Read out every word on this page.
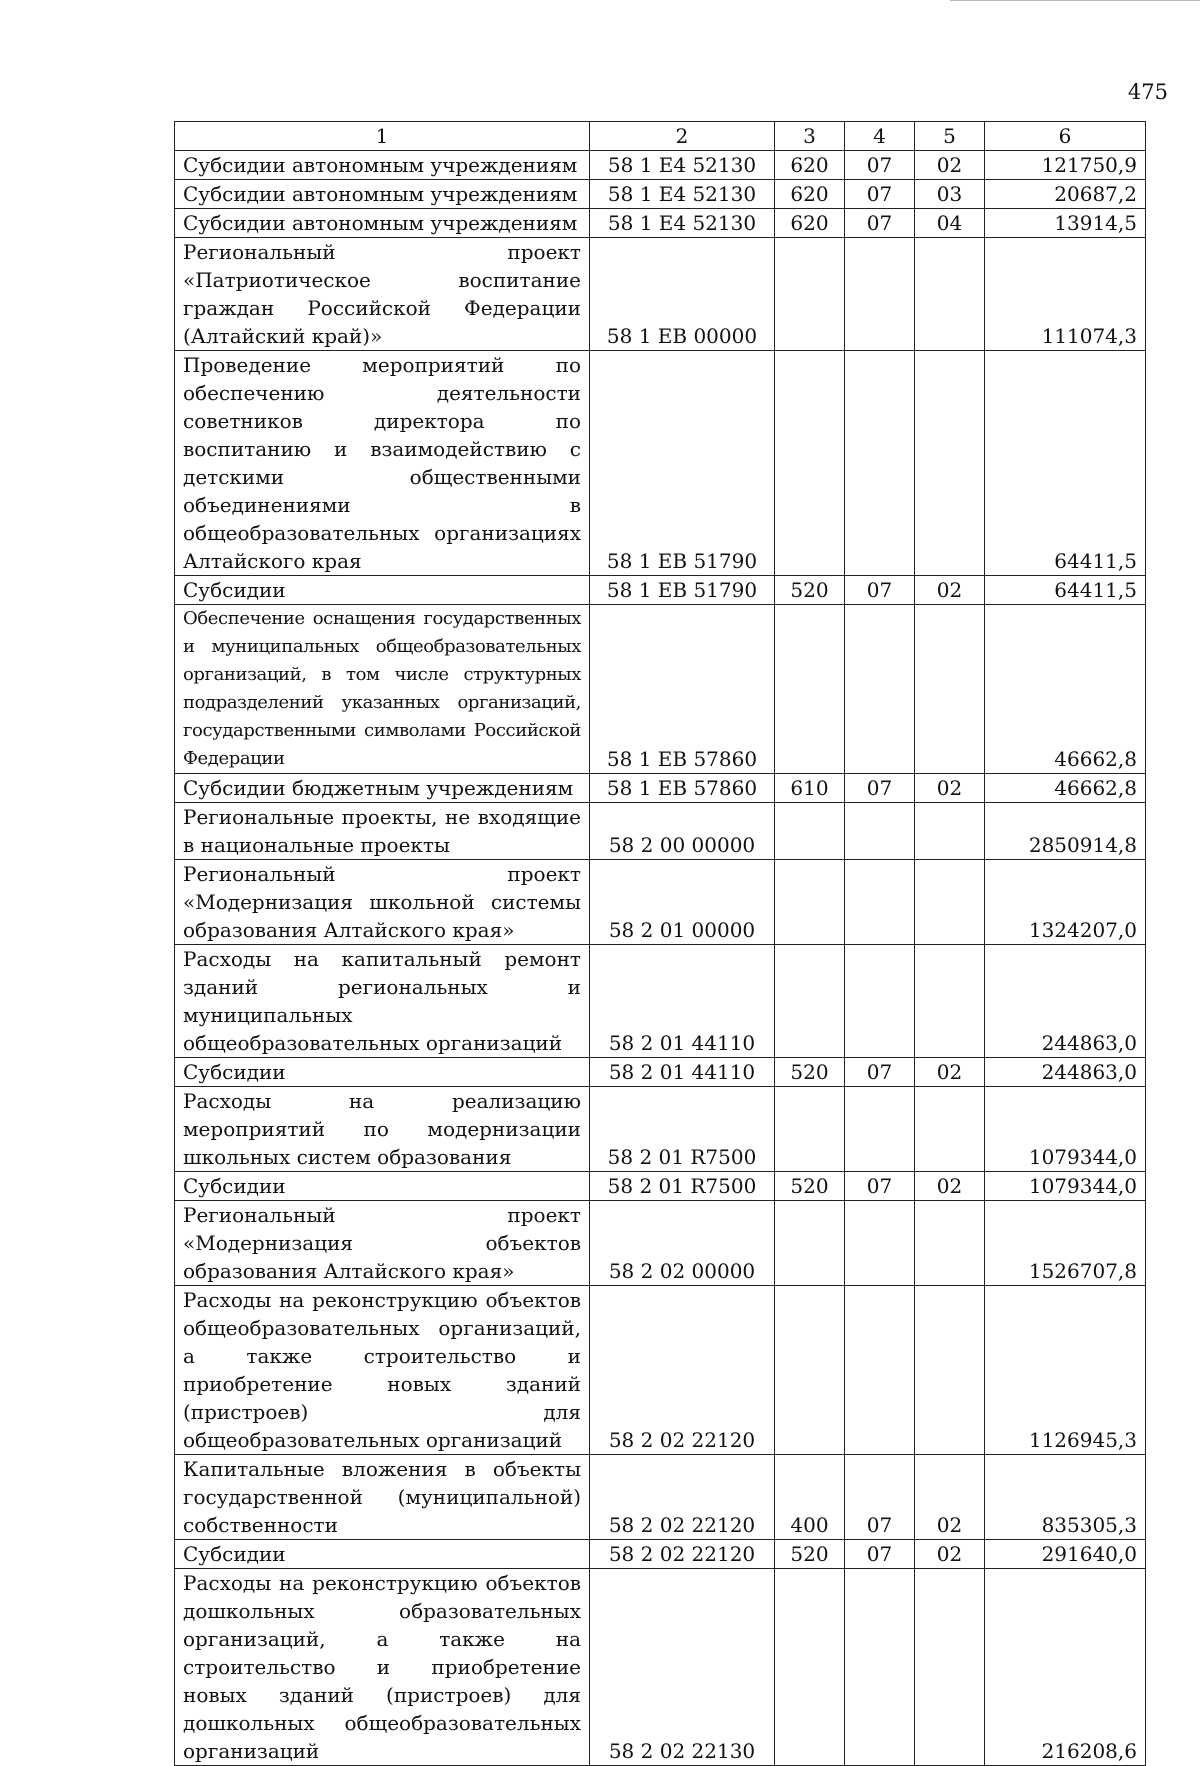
475
1	2	3	4	5	6
Субсидии автономным учреждениям	58 1 E4 52130	620	07	02	121750,9
Субсидии автономным учреждениям	58 1 E4 52130	620	07	03	20687,2
Субсидии автономным учреждениям	58 1 E4 52130	620	07	04	13914,5
Региональный проект «Патриотическое воспитание граждан Российской Федерации (Алтайский край)»	58 1 EB 00000				111074,3
Проведение мероприятий по обеспечению деятельности советников директора по воспитанию и взаимодействию с детскими общественными объединениями в общеобразовательных организациях Алтайского края	58 1 EB 51790				64411,5
Субсидии	58 1 EB 51790	520	07	02	64411,5
Обеспечение оснащения государственных и муниципальных общеобразовательных организаций, в том числе структурных подразделений указанных организаций, государственными символами Российской Федерации	58 1 EB 57860				46662,8
Субсидии бюджетным учреждениям	58 1 EB 57860	610	07	02	46662,8
Региональные проекты, не входящие в национальные проекты	58 2 00 00000				2850914,8
Региональный проект «Модернизация школьной системы образования Алтайского края»	58 2 01 00000				1324207,0
Расходы на капитальный ремонт зданий региональных и муниципальных общеобразовательных организаций	58 2 01 44110				244863,0
Субсидии	58 2 01 44110	520	07	02	244863,0
Расходы на реализацию мероприятий по модернизации школьных систем образования	58 2 01 R7500				1079344,0
Субсидии	58 2 01 R7500	520	07	02	1079344,0
Региональный проект «Модернизация объектов образования Алтайского края»	58 2 02 00000				1526707,8
Расходы на реконструкцию объектов общеобразовательных организаций, а также строительство и приобретение новых зданий (пристроев) для общеобразовательных организаций	58 2 02 22120				1126945,3
Капитальные вложения в объекты государственной (муниципальной) собственности	58 2 02 22120	400	07	02	835305,3
Субсидии	58 2 02 22120	520	07	02	291640,0
Расходы на реконструкцию объектов дошкольных образовательных организаций, а также на строительство и приобретение новых зданий (пристроев) для дошкольных общеобразовательных организаций	58 2 02 22130				216208,6
